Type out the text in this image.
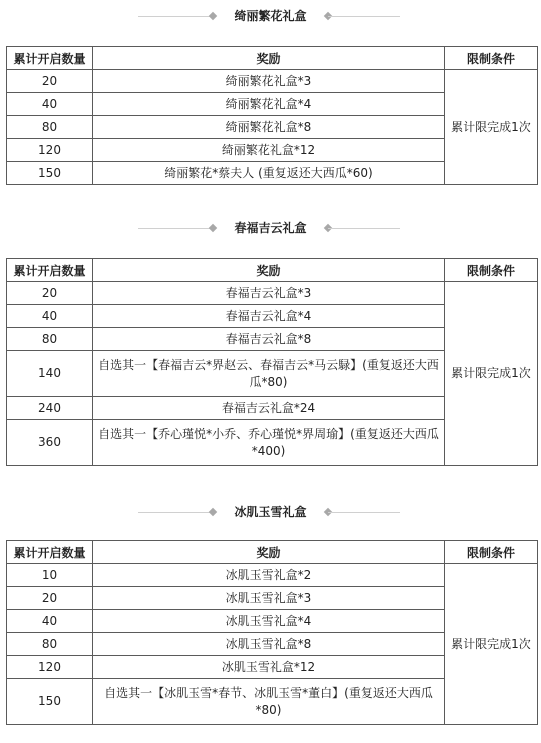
绮丽繁花礼盒
累计开启数量	奖励	限制条件
20	绮丽繁花礼盒*3	累计限完成1次
40	绮丽繁花礼盒*4	
80	绮丽繁花礼盒*8	
120	绮丽繁花礼盒*12	
150	绮丽繁花*蔡夫人 (重复返还大西瓜*60)	
春福吉云礼盒
累计开启数量	奖励	限制条件
20	春福吉云礼盒*3	累计限完成1次
40	春福吉云礼盒*4	
80	春福吉云礼盒*8	
140	自选其一【春福吉云*界赵云、春福吉云*马云騄】(重复返还大西瓜*80)	
240	春福吉云礼盒*24	
360	自选其一【乔心瑾悦*小乔、乔心瑾悦*界周瑜】(重复返还大西瓜*400)	
冰肌玉雪礼盒
累计开启数量	奖励	限制条件
10	冰肌玉雪礼盒*2	累计限完成1次
20	冰肌玉雪礼盒*3	
40	冰肌玉雪礼盒*4	
80	冰肌玉雪礼盒*8	
120	冰肌玉雪礼盒*12	
150	自选其一【冰肌玉雪*春节、冰肌玉雪*董白】(重复返还大西瓜*80)	
